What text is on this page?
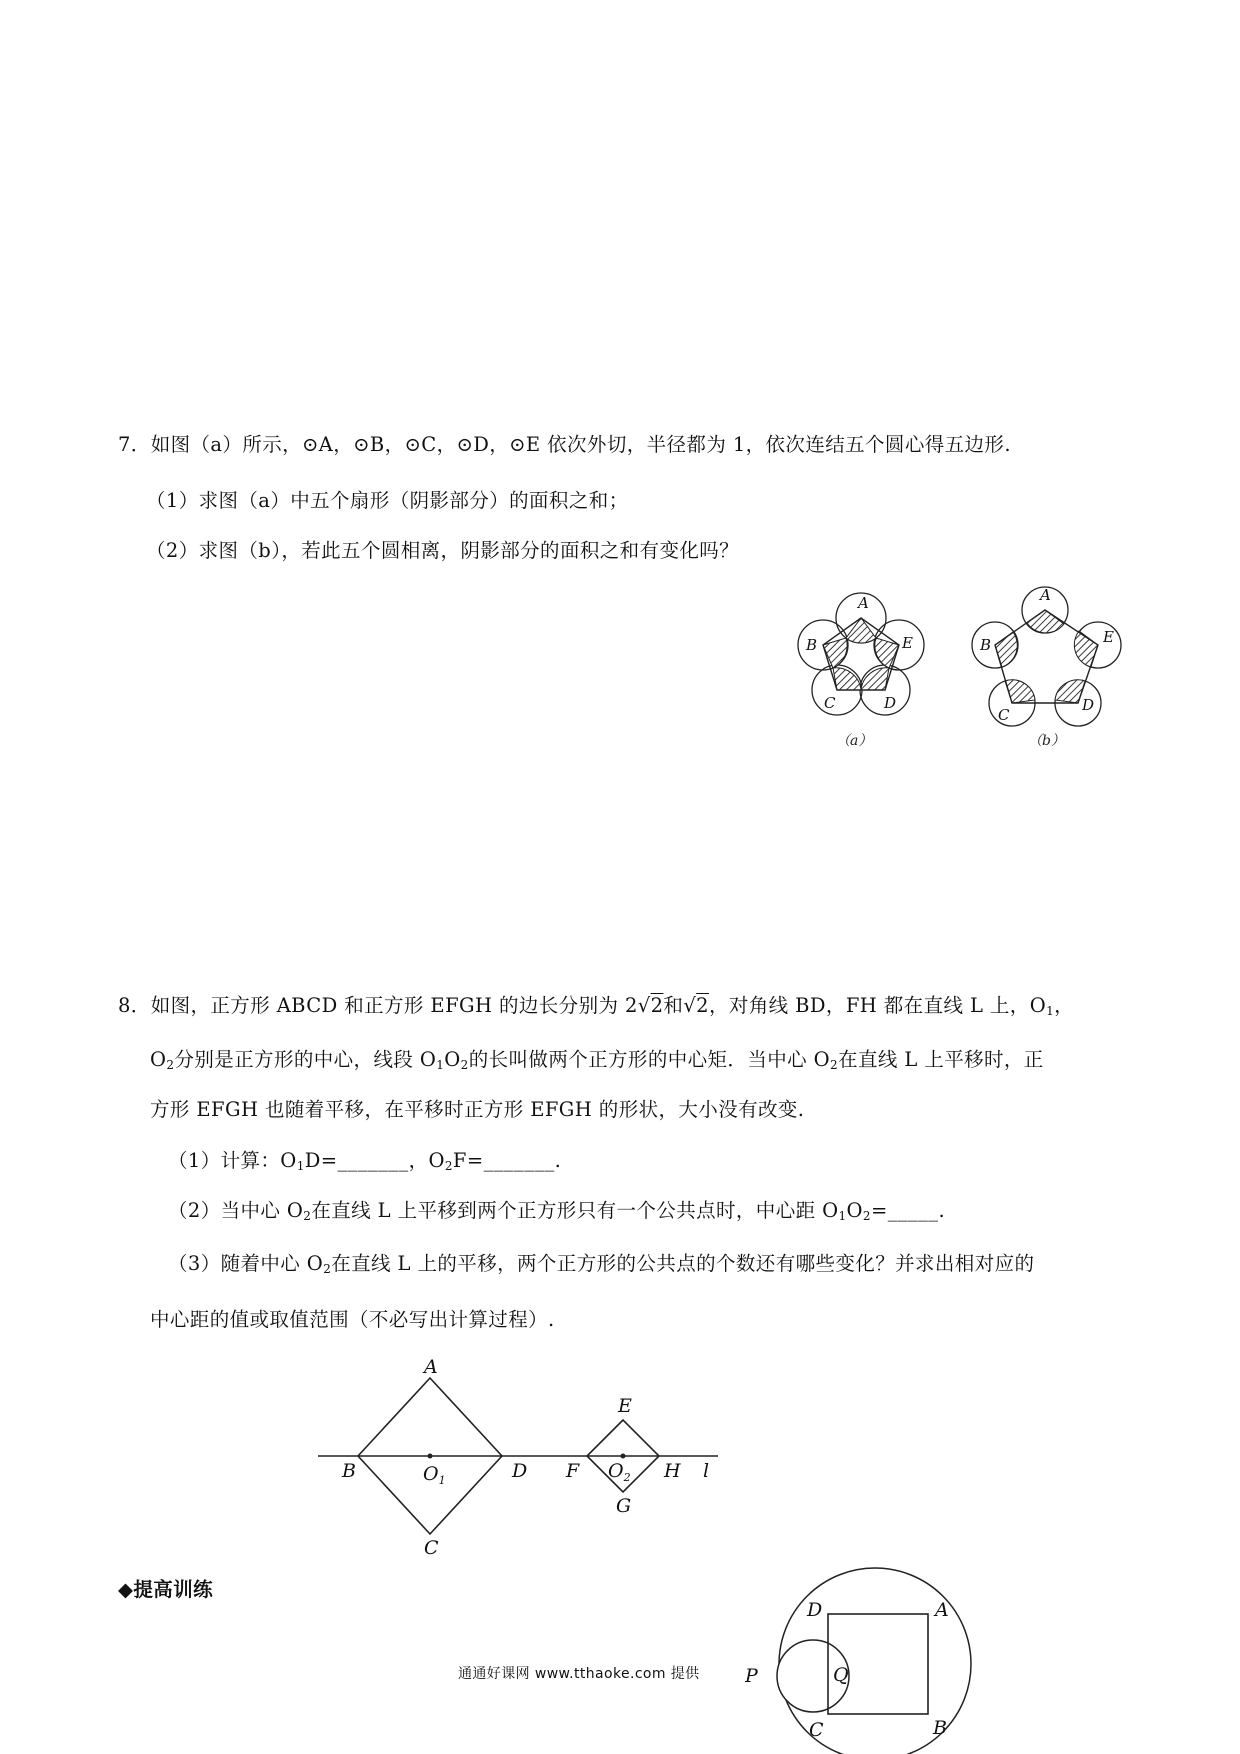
7．如图（a）所示，⊙A，⊙B，⊙C，⊙D，⊙E 依次外切，半径都为 1，依次连结五个圆心得五边形.
（1）求图（a）中五个扇形（阴影部分）的面积之和；
（2）求图（b），若此五个圆相离，阴影部分的面积之和有变化吗？
A
B
C	D
E
（a）
A
B
C
D
E
（b）
8．如图，正方形 ABCD 和正方形 EFGH 的边长分别为 2√2和√2，对角线 BD，FH 都在直线 L 上，$O_1$，
$O_2$分别是正方形的中心，线段 $O_1O_2$的长叫做两个正方形的中心矩．当中心 $O_2$在直线 L 上平移时，正
方形 EFGH 也随着平移，在平移时正方形 EFGH 的形状，大小没有改变.
（1）计算：$O_1D=\_\_\_\_\_\_\_$，$O_2F=\_\_\_\_\_\_\_$.
（2）当中心 $O_2$在直线 L 上平移到两个正方形只有一个公共点时，中心距 $O_1O_2=\_\_\_\_\_$.
（3）随着中心 $O_2$在直线 L 上的平移，两个正方形的公共点的个数还有哪些变化？并求出相对应的
中心距的值或取值范围（不必写出计算过程）.
A
B
C
D
E
F
G
H l
$O_1$	$O_2$
◆提高训练
D	A
P	Q
C	B
通通好课网 www.tthaoke.com 提供
